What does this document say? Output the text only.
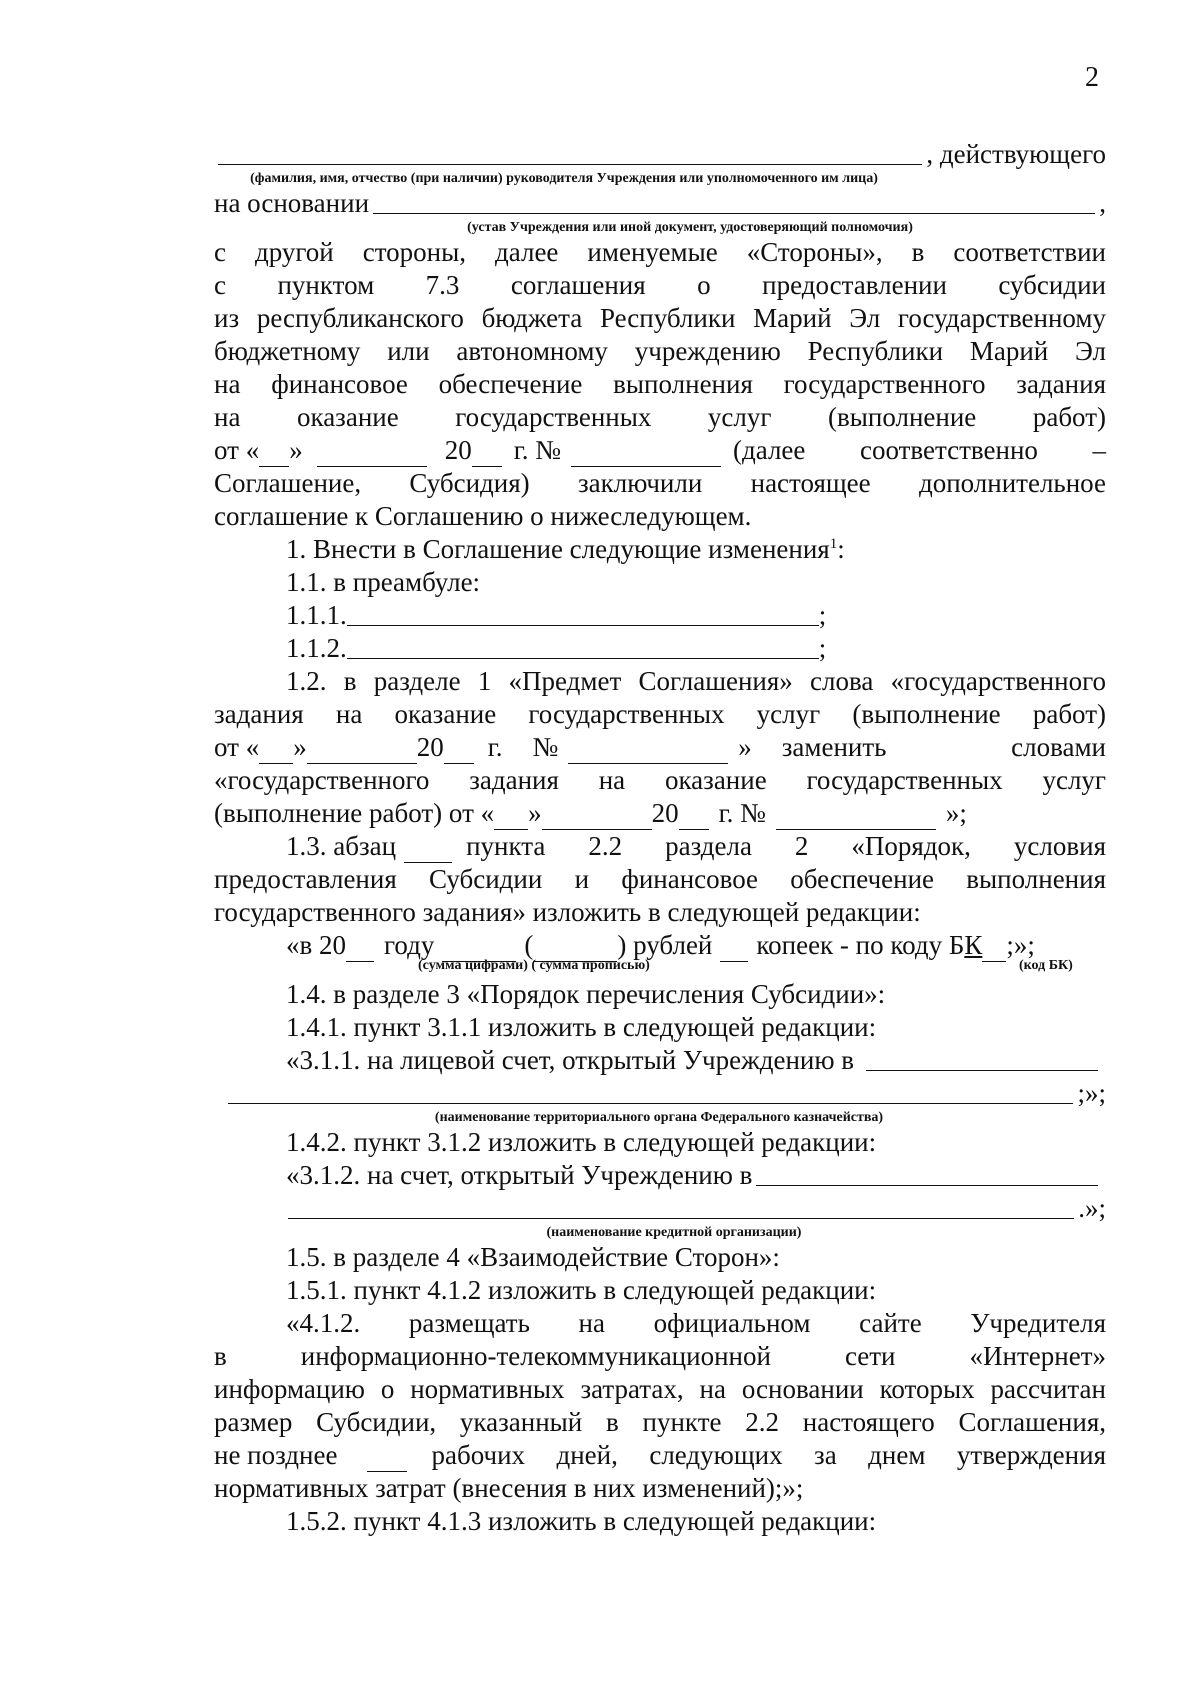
2
, действующего
(фамилия, имя, отчество (при наличии) руководителя Учреждения или уполномоченного им лица)
на основании	,
(устав Учреждения или иной документ, удостоверяющий полномочия)
с другой стороны, далее именуемые «Стороны», в соответствии
с пунктом 7.3 соглашения о предоставлении субсидии
из республиканского бюджета Республики Марий Эл государственному
бюджетному или автономному учреждению Республики Марий Эл
на финансовое обеспечение выполнения государственного задания
на оказание государственных услуг (выполнение работ)
от « »	20 г. №	(далее соответственно –
Соглашение, Субсидия) заключили настоящее дополнительное
соглашение к Соглашению о нижеследующем.
1. Внести в Соглашение следующие изменения$^1$:
1.1. в преамбуле:
1.1.1.	;
1.1.2.	;
1.2. в разделе 1 «Предмет Соглашения» слова «государственного
задания на оказание государственных услуг (выполнение работ)
от « »	20 г. №	» заменить словами
«государственного задания на оказание государственных услуг
(выполнение работ) от « »	20 г. №	»;
1.3. абзац	пункта 2.2 раздела 2 «Порядок, условия
предоставления Субсидии и финансовое обеспечение выполнения
государственного задания» изложить в следующей редакции:
«в 20 году	(	) рублей копеек - по коду Б К ;»;
(сумма цифрами) ( сумма прописью)	(код БК)
1.4. в разделе 3 «Порядок перечисления Субсидии»:
1.4.1. пункт 3.1.1 изложить в следующей редакции:
«3.1.1. на лицевой счет, открытый Учреждению в
;»;
(наименование территориального органа Федерального казначейства)
1.4.2. пункт 3.1.2 изложить в следующей редакции:
«3.1.2. на счет, открытый Учреждению в
.»;
(наименование кредитной организации)
1.5. в разделе 4 «Взаимодействие Сторон»:
1.5.1. пункт 4.1.2 изложить в следующей редакции:
«4.1.2. размещать на официальном сайте Учредителя
в информационно-телекоммуникационной сети «Интернет»
информацию о нормативных затратах, на основании которых рассчитан
размер Субсидии, указанный в пункте 2.2 настоящего Соглашения,
не позднее	рабочих дней, следующих за днем утверждения
нормативных затрат (внесения в них изменений);»;
1.5.2. пункт 4.1.3 изложить в следующей редакции:
